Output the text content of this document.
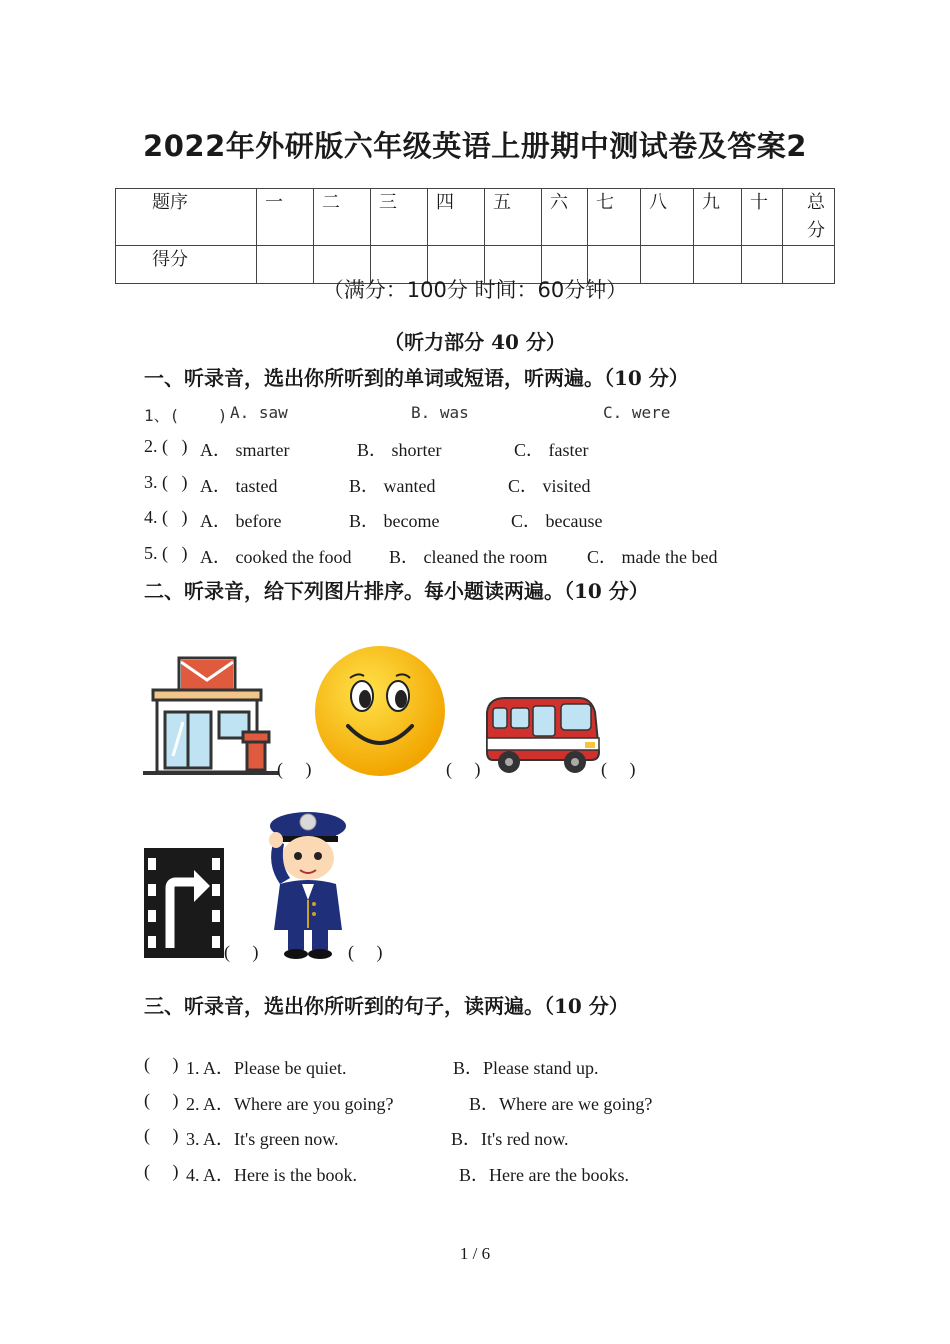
2022年外研版六年级英语上册期中测试卷及答案2
题序	一	二	三	四	五	六	七	八	九	十	总分
得分											
（满分：100分 时间：60分钟）
（听力部分 40 分）
一、听录音，选出你所听到的单词或短语，听两遍。（10 分）
1、(    ) A. saw	B. was	C. were
2. (   ) A． smarter	B． shorter	C． faster
3. (   ) A． tasted	B． wanted	C． visited
4. (   ) A． before	B． become	C． because
5. (   ) A． cooked the food B． cleaned the room C． made the bed
二、听录音，给下列图片排序。每小题读两遍。（10 分）
(     )	(     )	(     )
(     )	(     )
三、听录音，选出你所听到的句子，读两遍。（10 分）
(     ) 1. A．Please be quiet.	B．Please stand up.
(     ) 2. A．Where are you going?	B．Where are we going?
(     ) 3. A．It's green now.	B．It's red now.
(     ) 4. A．Here is the book.	B．Here are the books.
1 / 6
